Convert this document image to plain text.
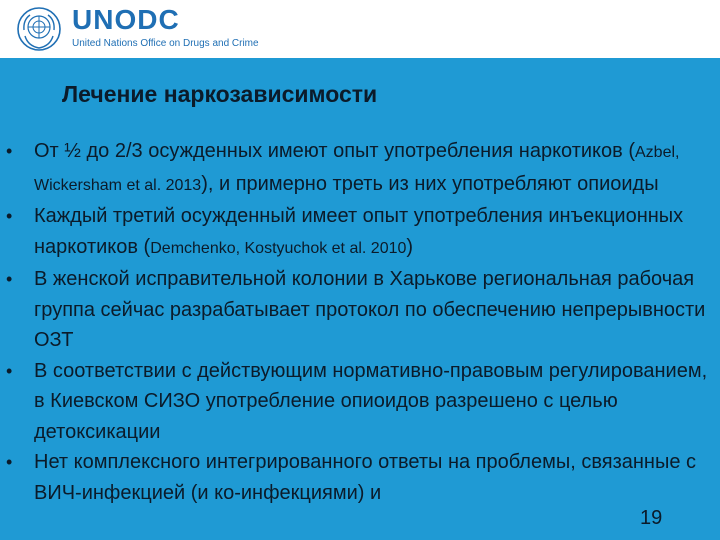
UNODC
United Nations Office on Drugs and Crime
Лечение наркозависимости
• От ½ до 2/3 осужденных имеют опыт употребления наркотиков (Azbel, Wickersham et al. 2013), и примерно треть из них употребляют опиоиды
• Каждый третий осужденный имеет опыт употребления инъекционных наркотиков (Demchenko, Kostyuchok et al. 2010)
• В женской исправительной колонии в Харькове региональная рабочая группа сейчас разрабатывает протокол по обеспечению непрерывности ОЗТ
• В соответствии с действующим нормативно-правовым регулированием, в Киевском СИЗО употребление опиоидов разрешено с целью детоксикации
• Нет комплексного интегрированного ответы на проблемы, связанные с ВИЧ-инфекцией (и ко-инфекциями) и
19
